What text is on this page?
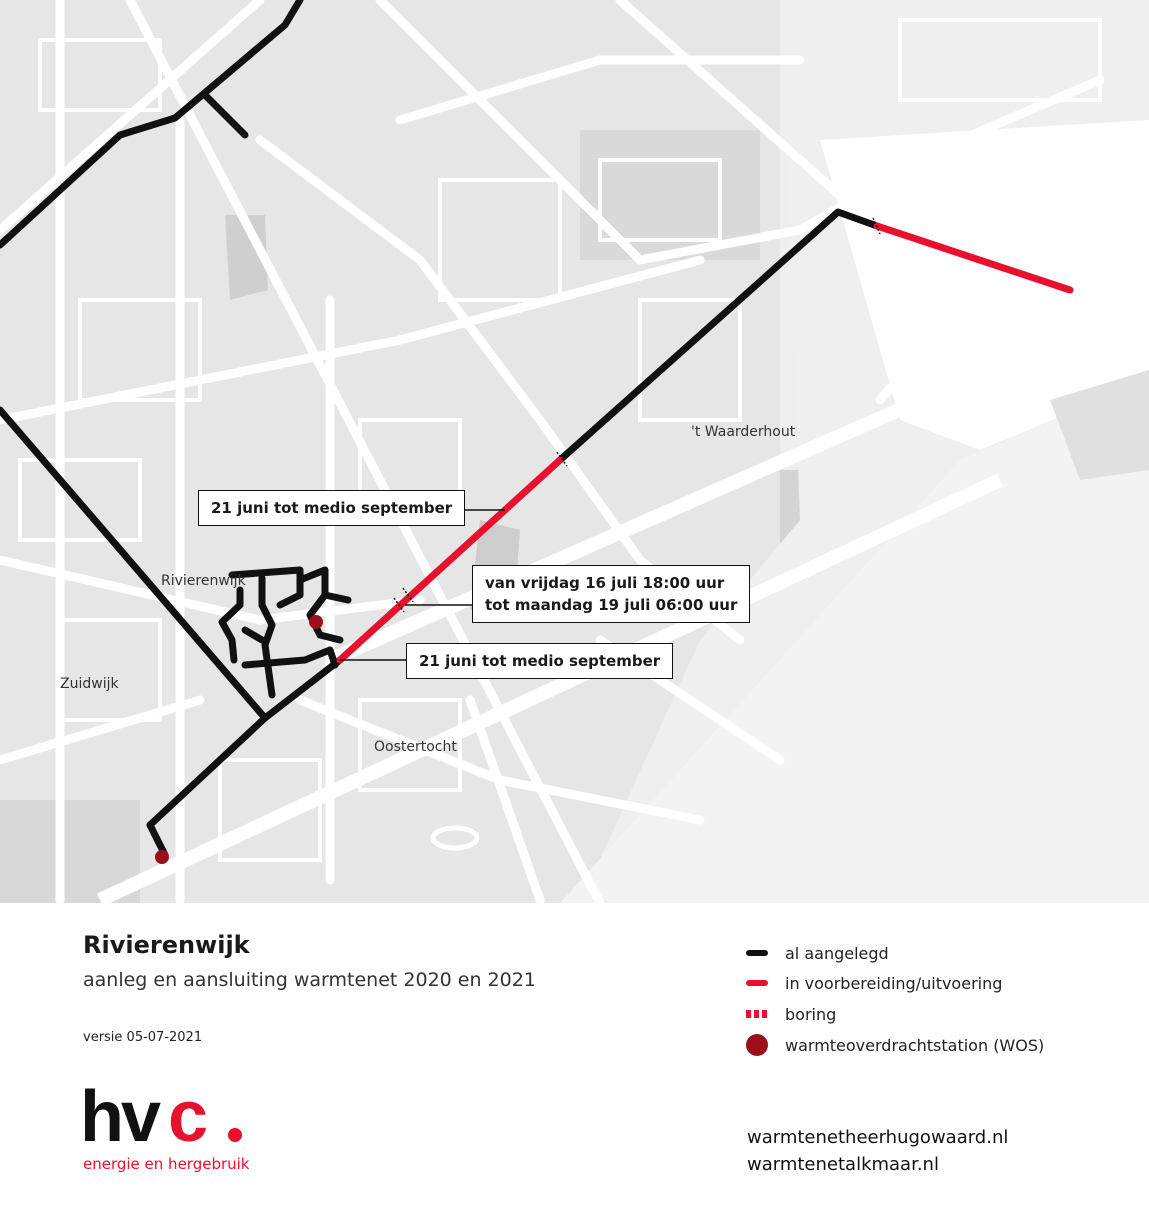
't Waarderhout
Rivierenwijk
Zuidwijk
Oostertocht
21 juni tot medio september
van vrijdag 16 juli 18:00 uur
tot maandag 19 juli 06:00 uur
21 juni tot medio september
Rivierenwijk
aanleg en aansluiting warmtenet 2020 en 2021
versie 05-07-2021
hv c
energie en hergebruik
al aangelegd
in voorbereiding/uitvoering
boring
warmteoverdrachtstation (WOS)
warmtenetheerhugowaard.nl
warmtenetalkmaar.nl
